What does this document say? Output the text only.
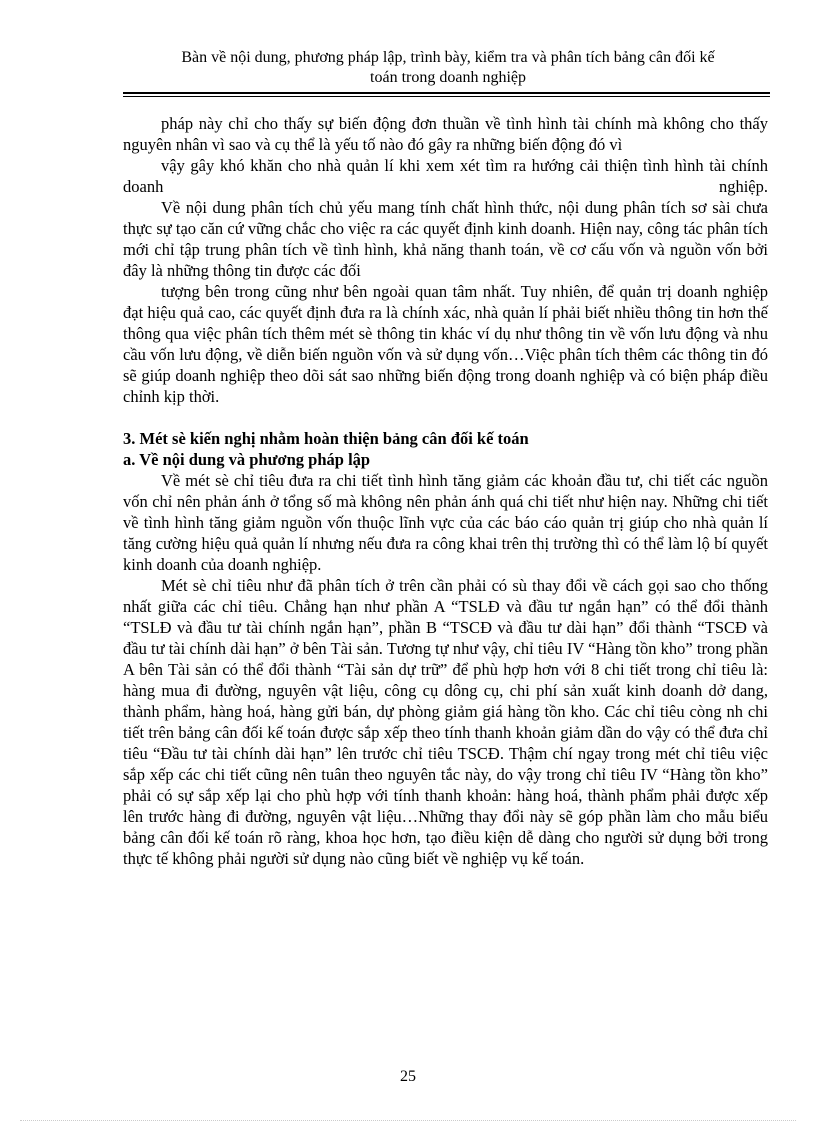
Bàn về nội dung, phương pháp lập, trình bày, kiểm tra và phân tích bảng cân đối kế
toán trong doanh nghiệp

pháp này chỉ cho thấy sự biến động đơn thuần về tình hình tài chính mà không cho thấy nguyên nhân vì sao và cụ thể là yếu tố nào đó gây ra những biến động đó vì

vậy gây khó khăn cho nhà quản lí khi xem xét tìm ra hướng cải thiện tình hình tài chính doanh nghiệp.

Về nội dung phân tích chủ yếu mang tính chất hình thức, nội dung phân tích sơ sài chưa thực sự tạo căn cứ vững chắc cho việc ra các quyết định kinh doanh. Hiện nay, công tác phân tích mới chỉ tập trung phân tích về tình hình, khả năng thanh toán, về cơ cấu vốn và nguồn vốn bởi đây là những thông tin được các đối

tượng bên trong cũng như bên ngoài quan tâm nhất. Tuy nhiên, để quản trị doanh nghiệp đạt hiệu quả cao, các quyết định đưa ra là chính xác, nhà quản lí phải biết nhiều thông tin hơn thế thông qua việc phân tích thêm mét sè thông tin khác ví dụ như thông tin về vốn lưu động và nhu cầu vốn lưu động, về diễn biến nguồn vốn và sử dụng vốn…Việc phân tích thêm các thông tin đó sẽ giúp doanh nghiệp theo dõi sát sao những biến động trong doanh nghiệp và có biện pháp điều chỉnh kịp thời.

3. Mét sè kiến nghị nhằm hoàn thiện bảng cân đối kế toán

a. Về nội dung và phương pháp lập

Về mét sè chỉ tiêu đưa ra chi tiết tình hình tăng giảm các khoản đầu tư, chi tiết các nguồn vốn chỉ nên phản ánh ở tổng số mà không nên phản ánh quá chi tiết như hiện nay. Những chi tiết về tình hình tăng giảm nguồn vốn thuộc lĩnh vực của các báo cáo quản trị giúp cho nhà quản lí tăng cường hiệu quả quản lí nhưng nếu đưa ra công khai trên thị trường thì có thể làm lộ bí quyết kinh doanh của doanh nghiệp.

Mét sè chỉ tiêu như đã phân tích ở trên cần phải có sù thay đổi về cách gọi sao cho thống nhất giữa các chỉ tiêu. Chẳng hạn như phần A “TSLĐ và đầu tư ngắn hạn” có thể đổi thành “TSLĐ và đầu tư tài chính ngắn hạn”, phần B “TSCĐ và đầu tư dài hạn” đổi thành “TSCĐ và đầu tư tài chính dài hạn” ở bên Tài sản. Tương tự như vậy, chỉ tiêu IV “Hàng tồn kho” trong phần A bên Tài sản có thể đổi thành “Tài sản dự trữ” để phù hợp hơn với 8 chi tiết trong chỉ tiêu là: hàng mua đi đường, nguyên vật liệu, công cụ dông cụ, chi phí sản xuất kinh doanh dở dang, thành phẩm, hàng hoá, hàng gửi bán, dự phòng giảm giá hàng tồn kho. Các chỉ tiêu còng nh chi tiết trên bảng cân đối kế toán được sắp xếp theo tính thanh khoản giảm dần do vậy có thể đưa chỉ tiêu “Đầu tư tài chính dài hạn” lên trước chỉ tiêu TSCĐ. Thậm chí ngay trong mét chỉ tiêu việc sắp xếp các chi tiết cũng nên tuân theo nguyên tắc này, do vậy trong chỉ tiêu IV “Hàng tồn kho” phải có sự sắp xếp lại cho phù hợp với tính thanh khoản: hàng hoá, thành phẩm phải được xếp lên trước hàng đi đường, nguyên vật liệu…Những thay đổi này sẽ góp phần làm cho mẫu biểu bảng cân đối kế toán rõ ràng, khoa học hơn, tạo điều kiện dễ dàng cho người sử dụng bởi trong thực tế không phải người sử dụng nào cũng biết về nghiệp vụ kế toán.

25
